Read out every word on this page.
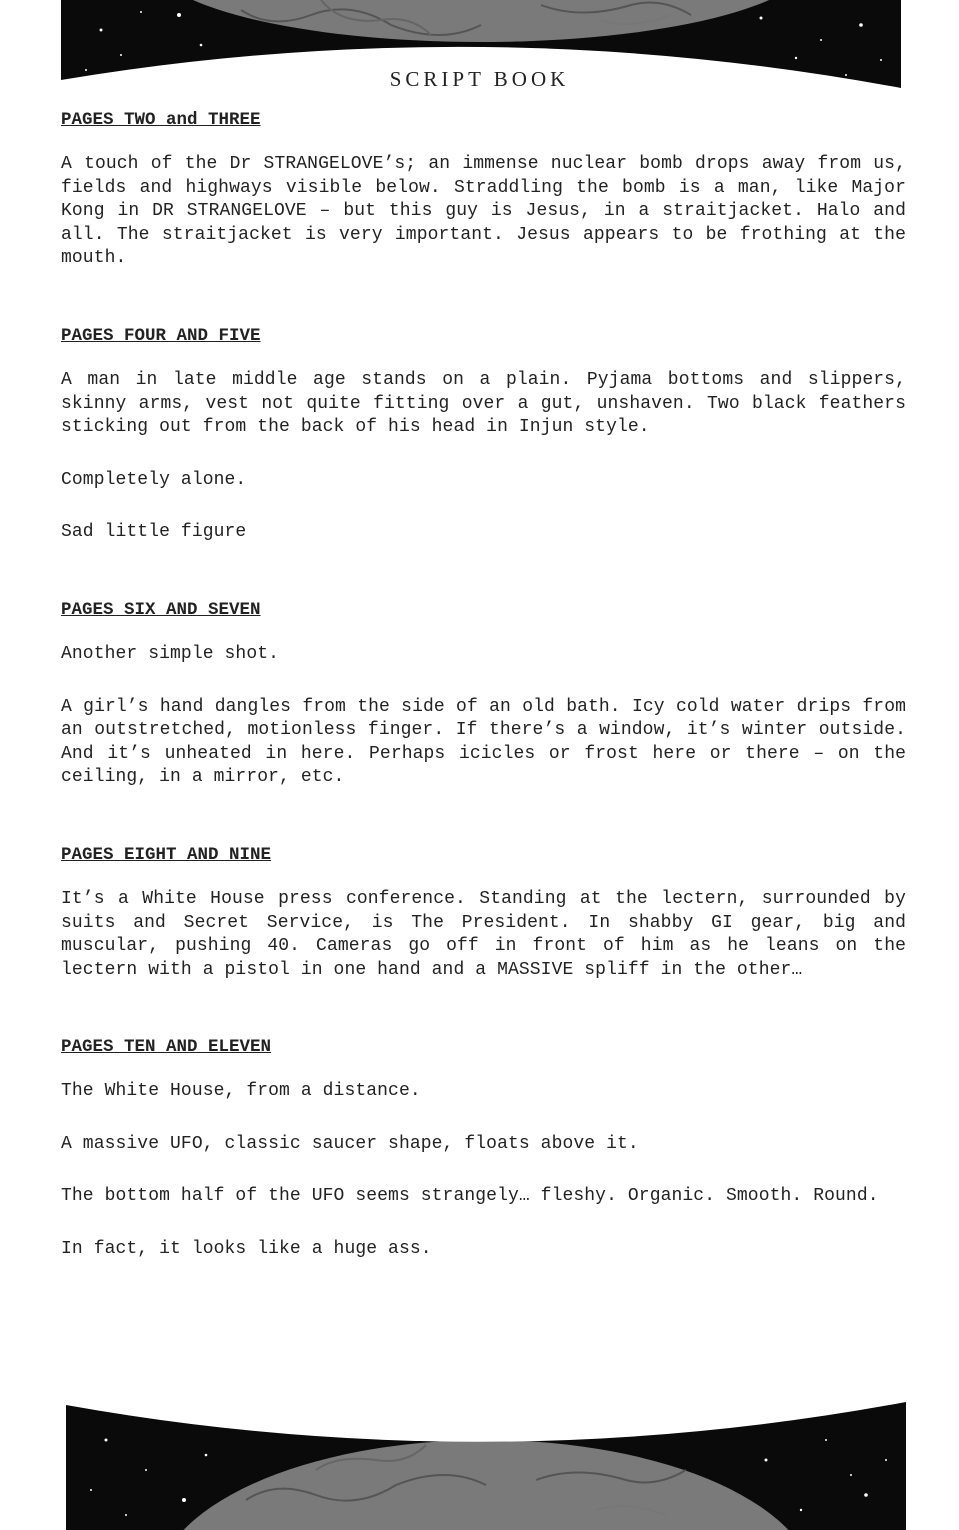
SCRIPT BOOK
PAGES TWO and THREE

A touch of the Dr STRANGELOVE’s; an immense nuclear bomb drops away from us, fields and highways visible below. Straddling the bomb is a man, like Major Kong in DR STRANGELOVE – but this guy is Jesus, in a straitjacket. Halo and all. The straitjacket is very important. Jesus appears to be frothing at the mouth.

PAGES FOUR AND FIVE

A man in late middle age stands on a plain. Pyjama bottoms and slippers, skinny arms, vest not quite fitting over a gut, unshaven. Two black feathers sticking out from the back of his head in Injun style.

Completely alone.

Sad little figure

PAGES SIX AND SEVEN

Another simple shot.

A girl’s hand dangles from the side of an old bath. Icy cold water drips from an outstretched, motionless finger. If there’s a window, it’s winter outside. And it’s unheated in here. Perhaps icicles or frost here or there – on the ceiling, in a mirror, etc.

PAGES EIGHT AND NINE

It’s a White House press conference. Standing at the lectern, surrounded by suits and Secret Service, is The President. In shabby GI gear, big and muscular, pushing 40. Cameras go off in front of him as he leans on the lectern with a pistol in one hand and a MASSIVE spliff in the other…

PAGES TEN AND ELEVEN

The White House, from a distance.

A massive UFO, classic saucer shape, floats above it.

The bottom half of the UFO seems strangely… fleshy. Organic. Smooth. Round.

In fact, it looks like a huge ass.
